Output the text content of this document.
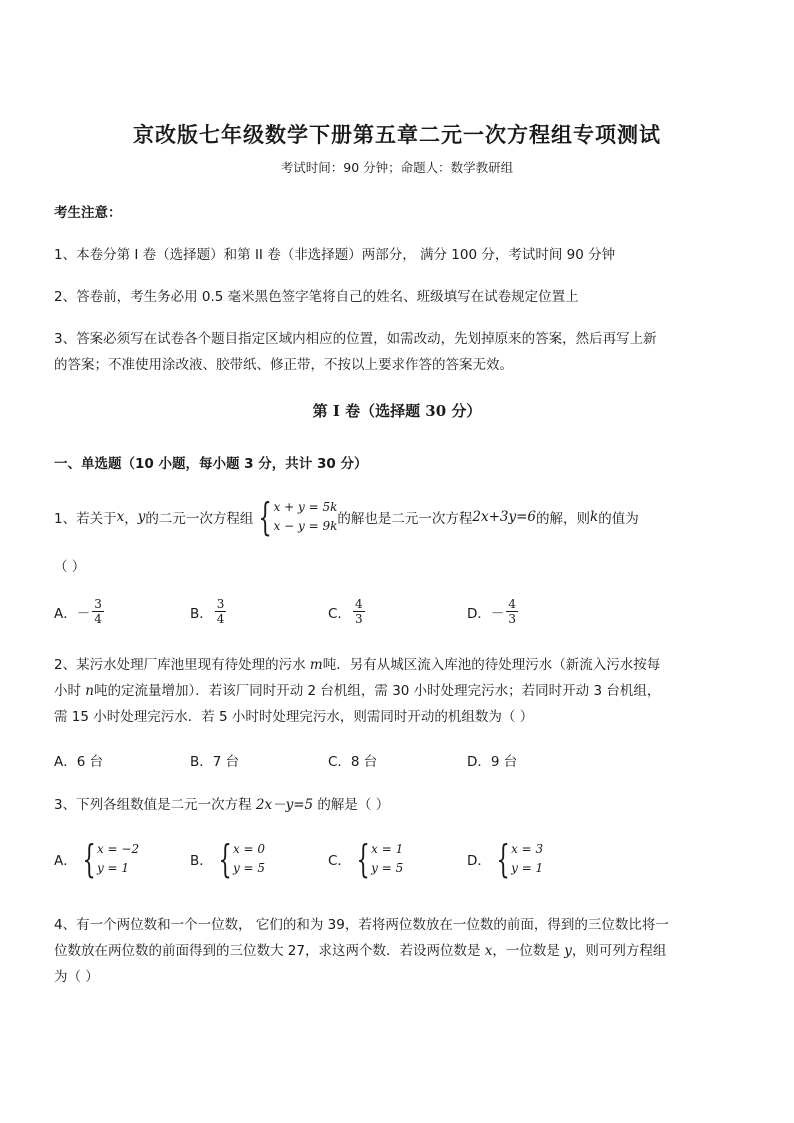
京改版七年级数学下册第五章二元一次方程组专项测试
考试时间：90 分钟；命题人：数学教研组
考生注意：
1、本卷分第 I 卷（选择题）和第 II 卷（非选择题）两部分， 满分 100 分，考试时间 90 分钟
2、答卷前，考生务必用 0.5 毫米黑色签字笔将自己的姓名、班级填写在试卷规定位置上
3、答案必须写在试卷各个题目指定区域内相应的位置，如需改动，先划掉原来的答案，然后再写上新
的答案；不准使用涂改液、胶带纸、修正带，不按以上要求作答的答案无效。
第 I 卷（选择题 30 分）
一、单选题（10 小题，每小题 3 分，共计 30 分）
1、若关于 x ， y 的二元一次方程组 { x + y = 5k
x − y = 9k 的解也是二元一次方程 2x+3y=6 的解，则 k 的值为
（ ）
A． － $\frac{3}{4}$	B． $\frac{3}{4}$	C． $\frac{4}{3}$	D． － $\frac{4}{3}$
2、某污水处理厂库池里现有待处理的污水 m吨．另有从城区流入库池的待处理污水（新流入污水按每
小时 n吨的定流量增加）．若该厂同时开动 2 台机组，需 30 小时处理完污水；若同时开动 3 台机组，
需 15 小时处理完污水．若 5 小时时处理完污水，则需同时开动的机组数为（ ）
A．6 台	B．7 台	C．8 台	D．9 台
3、下列各组数值是二元一次方程 2x－y=5 的解是（ ）
A． { x = −2
y = 1	B． { x = 0
y = 5	C． { x = 1
y = 5	D． { x = 3
y = 1
4、有一个两位数和一个一位数， 它们的和为 39，若将两位数放在一位数的前面，得到的三位数比将一
位数放在两位数的前面得到的三位数大 27，求这两个数．若设两位数是 x，一位数是 y，则可列方程组
为（ ）
